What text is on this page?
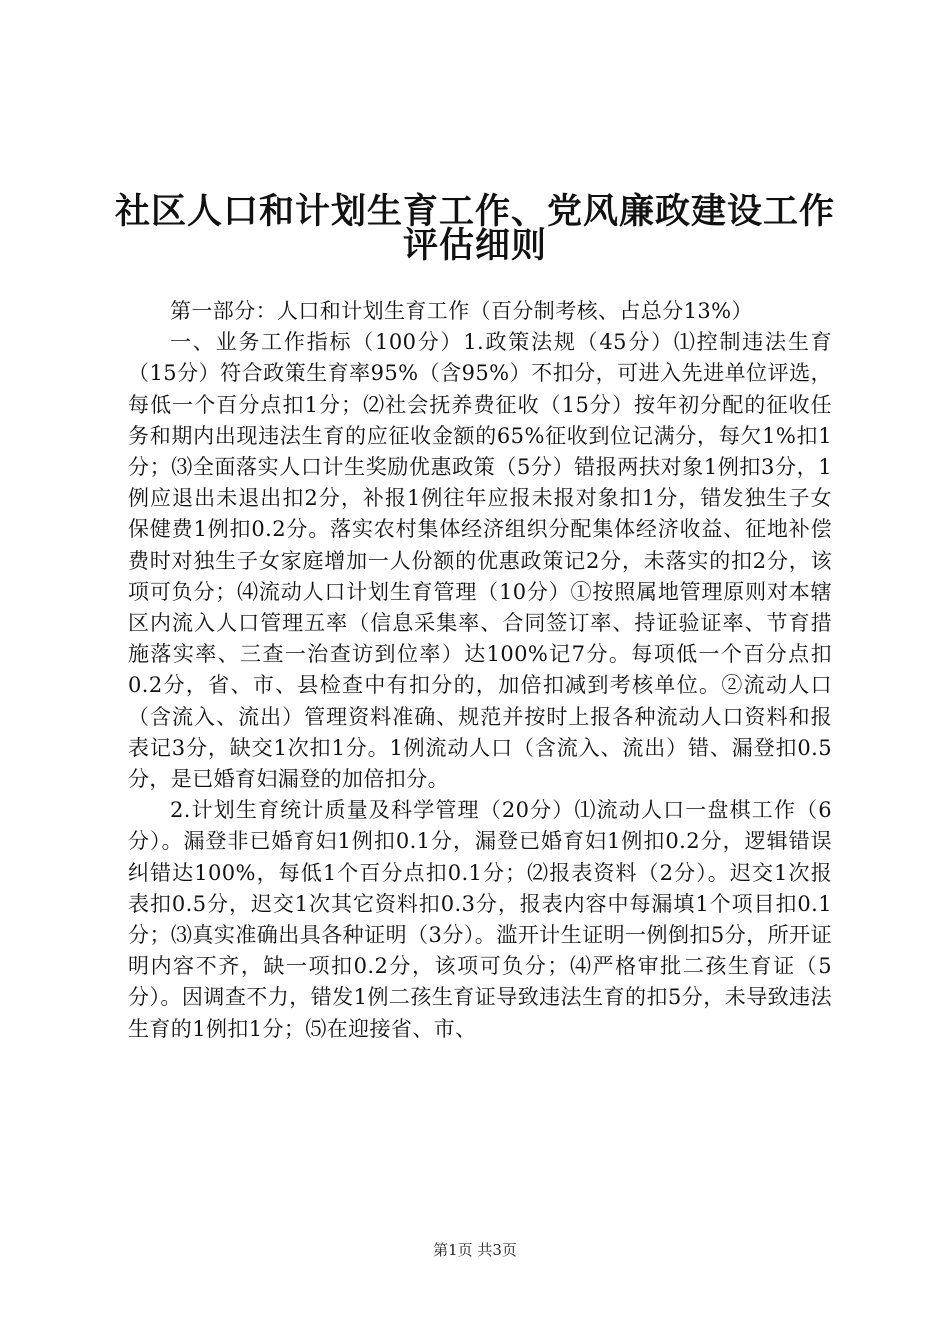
社区人口和计划生育工作、党风廉政建设工作
评估细则

第一部分：人口和计划生育工作（百分制考核、占总分13%）

一、业务工作指标（100分）1.政策法规（45分）⑴控制违法生育（15分）符合政策生育率95%（含95%）不扣分，可进入先进单位评选，每低一个百分点扣1分；⑵社会抚养费征收（15分）按年初分配的征收任务和期内出现违法生育的应征收金额的65%征收到位记满分，每欠1%扣1分；⑶全面落实人口计生奖励优惠政策（5分）错报两扶对象1例扣3分，1例应退出未退出扣2分，补报1例往年应报未报对象扣1分，错发独生子女保健费1例扣0.2分。落实农村集体经济组织分配集体经济收益、征地补偿费时对独生子女家庭增加一人份额的优惠政策记2分，未落实的扣2分，该项可负分；⑷流动人口计划生育管理（10分）①按照属地管理原则对本辖区内流入人口管理五率（信息采集率、合同签订率、持证验证率、节育措施落实率、三查一治查访到位率）达100%记7分。每项低一个百分点扣0.2分，省、市、县检查中有扣分的，加倍扣减到考核单位。②流动人口（含流入、流出）管理资料准确、规范并按时上报各种流动人口资料和报表记3分，缺交1次扣1分。1例流动人口（含流入、流出）错、漏登扣0.5分，是已婚育妇漏登的加倍扣分。

2.计划生育统计质量及科学管理（20分）⑴流动人口一盘棋工作（6分）。漏登非已婚育妇1例扣0.1分，漏登已婚育妇1例扣0.2分，逻辑错误纠错达100%，每低1个百分点扣0.1分；⑵报表资料（2分）。迟交1次报表扣0.5分，迟交1次其它资料扣0.3分，报表内容中每漏填1个项目扣0.1分；⑶真实准确出具各种证明（3分）。滥开计生证明一例倒扣5分，所开证明内容不齐，缺一项扣0.2分，该项可负分；⑷严格审批二孩生育证（5分）。因调查不力，错发1例二孩生育证导致违法生育的扣5分，未导致违法生育的1例扣1分；⑸在迎接省、市、

第1页 共3页
